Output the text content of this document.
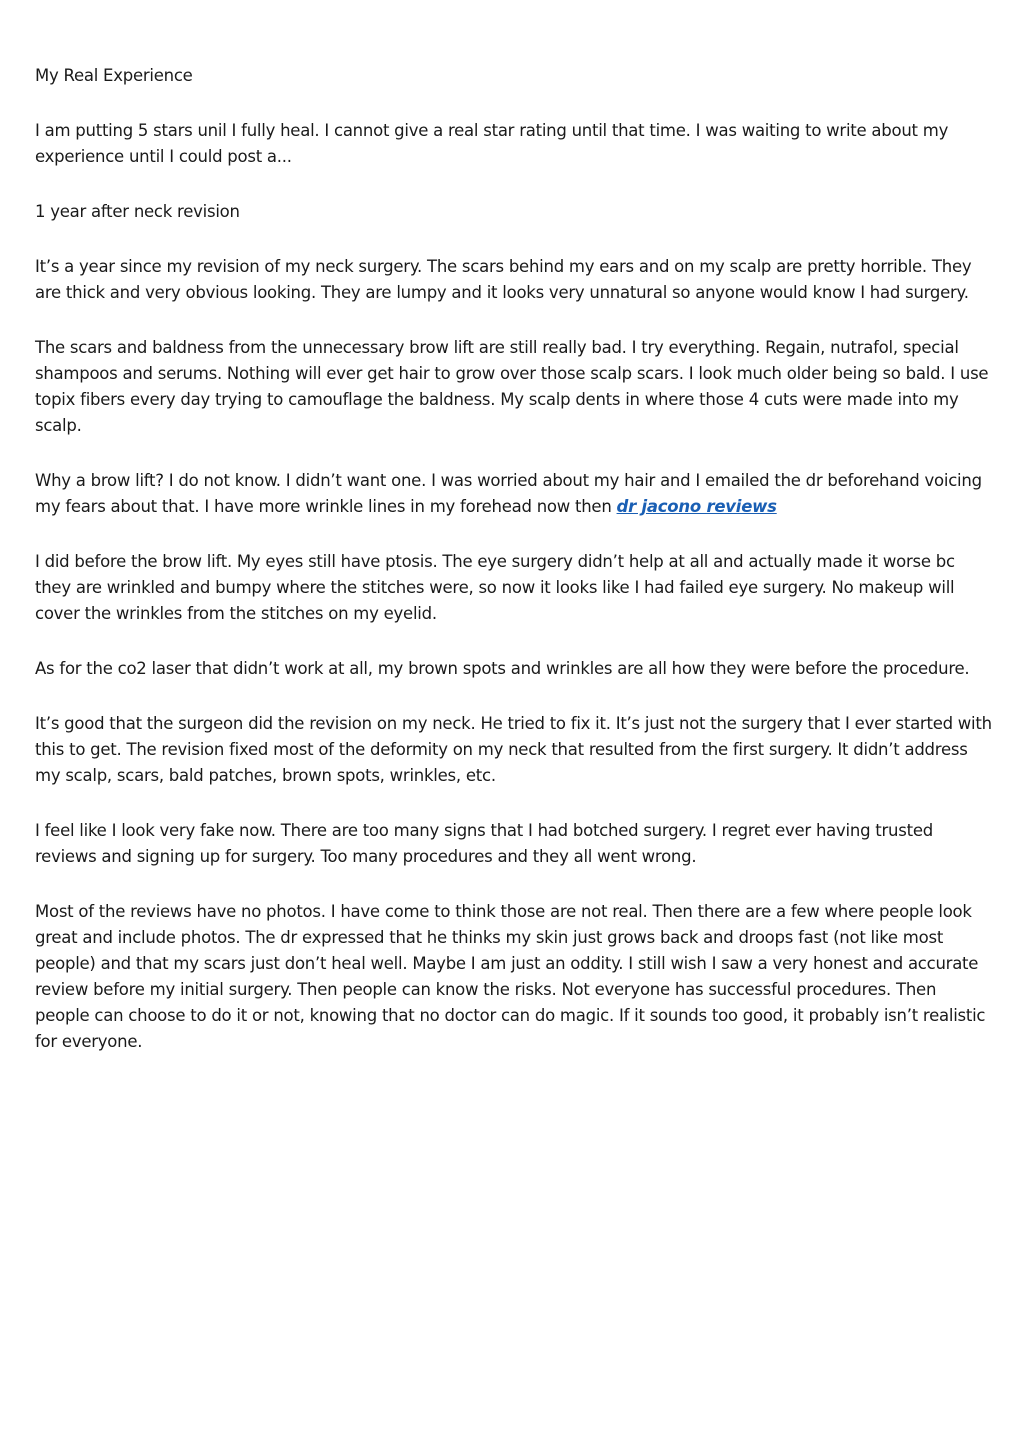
My Real Experience

I am putting 5 stars unil I fully heal. I cannot give a real star rating until that time. I was waiting to write about my experience until I could post a...

1 year after neck revision

It’s a year since my revision of my neck surgery. The scars behind my ears and on my scalp are pretty horrible. They are thick and very obvious looking. They are lumpy and it looks very unnatural so anyone would know I had surgery.

The scars and baldness from the unnecessary brow lift are still really bad. I try everything. Regain, nutrafol, special shampoos and serums. Nothing will ever get hair to grow over those scalp scars. I look much older being so bald. I use topix fibers every day trying to camouflage the baldness. My scalp dents in where those 4 cuts were made into my scalp.

Why a brow lift? I do not know. I didn’t want one. I was worried about my hair and I emailed the dr beforehand voicing my fears about that. I have more wrinkle lines in my forehead now then dr jacono reviews

I did before the brow lift. My eyes still have ptosis. The eye surgery didn’t help at all and actually made it worse bc they are wrinkled and bumpy where the stitches were, so now it looks like I had failed eye surgery. No makeup will cover the wrinkles from the stitches on my eyelid.

As for the co2 laser that didn’t work at all, my brown spots and wrinkles are all how they were before the procedure.

It’s good that the surgeon did the revision on my neck. He tried to fix it. It’s just not the surgery that I ever started with this to get. The revision fixed most of the deformity on my neck that resulted from the first surgery. It didn’t address my scalp, scars, bald patches, brown spots, wrinkles, etc.

I feel like I look very fake now. There are too many signs that I had botched surgery. I regret ever having trusted reviews and signing up for surgery. Too many procedures and they all went wrong.

Most of the reviews have no photos. I have come to think those are not real. Then there are a few where people look great and include photos. The dr expressed that he thinks my skin just grows back and droops fast (not like most people) and that my scars just don’t heal well. Maybe I am just an oddity. I still wish I saw a very honest and accurate review before my initial surgery. Then people can know the risks. Not everyone has successful procedures. Then people can choose to do it or not, knowing that no doctor can do magic. If it sounds too good, it probably isn’t realistic for everyone.
